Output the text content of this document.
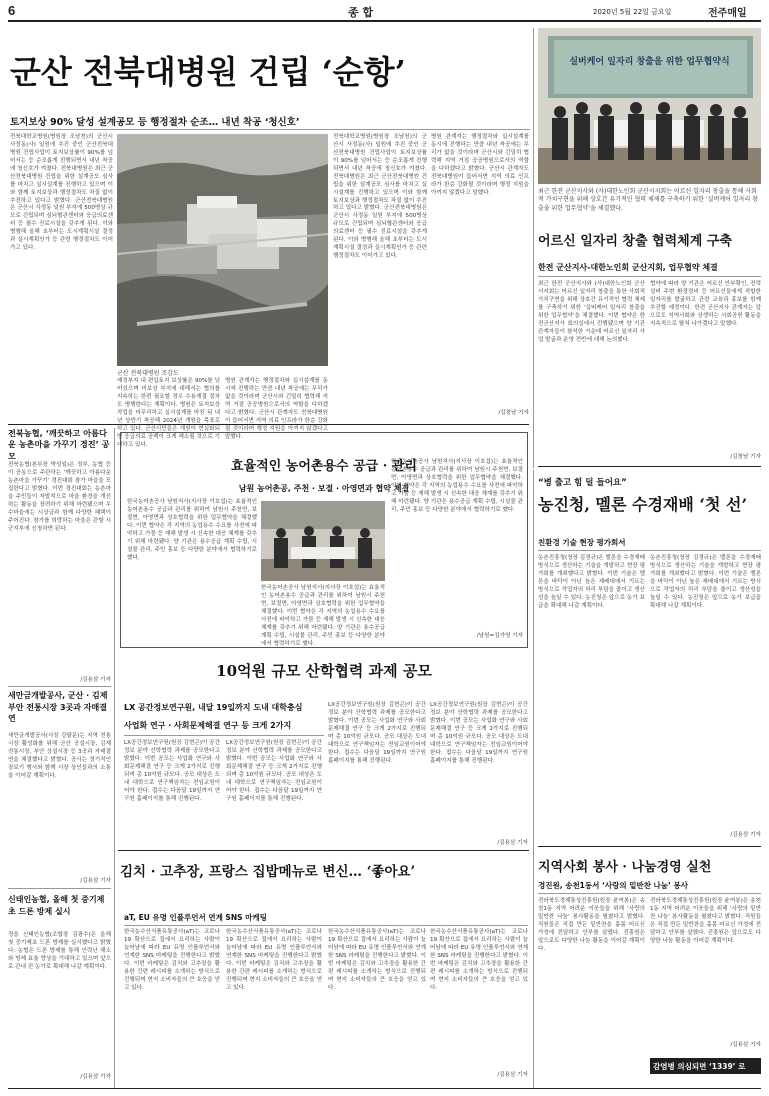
6	종 합	2020년 5월 22일 금요일	전주매일
군산 전북대병원 건립 ‘순항’
토지보상 90% 달성 설계공모 등 행정절차 순조… 내년 착공 ‘청신호’
전북대학교병원(병원장 조남천)의 군산시 사정동(사) 일원에 추진 중인 군산전북대병원 건립사업이 토지보상률이 90%를 넘어서는 등 순조롭게 진행되면서 내년 착공에 청신호가 켜졌다. 전북대병원은 최근 군산전북대병원 건립을 위한 설계공모 심사를 마치고 실시설계를 진행하고 있으며 이와 함께 토지보상과 행정절차도 차질 없이 추진하고 있다고 밝혔다. 군산전북대병원은 군산시 사정동 일원 부지에 500병상 규모로 건립되며 심뇌혈관센터와 응급의료센터 등 필수 진료시설을 갖추게 된다. 이와 병행해 올해 초부터는 도시계획시설 결정과 실시계획인가 등 관련 행정절차도 이어가고 있다.
군산 전북대병원 조감도
예정부지 내 편입토지 보상률은 90%를 넘어섰으며 미보상 부지에 대해서는 협의를 지속하는 한편 필요할 경우 수용재결 절차도 병행한다는 계획이다. 병원은 토지보상 작업을 마무리하고 실시설계를 마친 뒤 내년 상반기 착공해 2024년 개원을 목표로 하고 있다. 군산시민들은 개원이 현실화되면 응급의료 공백이 크게 해소될 것으로 기대하고 있다.
병원 관계자는 행정절차와 실시설계를 동시에 진행하는 만큼 내년 착공에는 무리가 없을 것이라며 군산시와 긴밀히 협력해 지역 거점 공공병원으로서의 역할을 다하겠다고 밝혔다. 군산시 관계자도 전북대병원이 들어서면 지역 의료 인프라가 한층 강화될 것이라며 행정 지원을 아끼지 않겠다고 말했다.
전북대학교병원(병원장 조남천)의 군산시 사정동(사) 일원에 추진 중인 군산전북대병원 건립사업이 토지보상률이 90%를 넘어서는 등 순조롭게 진행되면서 내년 착공에 청신호가 켜졌다. 전북대병원은 최근 군산전북대병원 건립을 위한 설계공모 심사를 마치고 실시설계를 진행하고 있으며 이와 함께 토지보상과 행정절차도 차질 없이 추진하고 있다고 밝혔다. 군산전북대병원은 군산시 사정동 일원 부지에 500병상 규모로 건립되며 심뇌혈관센터와 응급의료센터 등 필수 진료시설을 갖추게 된다. 이와 병행해 올해 초부터는 도시계획시설 결정과 실시계획인가 등 관련 행정절차도 이어가고 있다.
병원 관계자는 행정절차와 실시설계를 동시에 진행하는 만큼 내년 착공에는 무리가 없을 것이라며 군산시와 긴밀히 협력해 지역 거점 공공병원으로서의 역할을 다하겠다고 밝혔다. 군산시 관계자도 전북대병원이 들어서면 지역 의료 인프라가 한층 강화될 것이라며 행정 지원을 아끼지 않겠다고 말했다.
/김창남 기자
실버케어 일자리 창출을 위한 업무협약식
최근 한전 군산지사와 (사)대한노인회 군산시지회는 어르신 일자리 창출을 통해 사회적 가치구현을 위해 상호간 유기적인 협력 체제를 구축하기 위한 ‘실버케어 일자리 창출을 위한 업무협약’을 체결했다.
어르신 일자리 창출 협력체계 구축
한전 군산지사-대한노인회 군산지회, 업무협약 체결
최근 한전 군산지사와 (사)대한노인회 군산시지회는 어르신 일자리 창출을 통한 사회적 가치구현을 위해 상호간 유기적인 협력 체제를 구축하기 위한 ‘실버케어 일자리 창출을 위한 업무협약’을 체결했다. 이번 협약은 한전군산지사 회의실에서 진행됐으며 양 기관 관계자들이 참석한 가운데 어르신 일자리 사업 발굴과 운영 전반에 대해 논의했다.
협약에 따라 양 기관은 어르신 안부확인, 전력설비 주변 환경정비 등 어르신들에게 적합한 일자리를 발굴하고 관련 교육과 홍보를 함께 추진할 예정이다. 한전 군산지사 관계자는 앞으로도 지역사회와 상생하는 사회공헌 활동을 지속적으로 펼쳐 나가겠다고 말했다.
/김창남 기자
전북농협, ‘깨끗하고 아름다운 농촌마을 가꾸기 경진’ 공모
전북농협(본부장 박성일)은 정부, 농협 등이 공동으로 주관하는 ‘깨끗하고 아름다운 농촌마을 가꾸기’ 경진대회 참가 마을을 모집한다고 밝혔다. 이번 경진대회는 농촌마을 주민들이 자발적으로 마을 환경을 개선하는 활동을 장려하기 위해 마련됐으며 우수마을에는 시상금과 함께 다양한 혜택이 주어진다. 참가를 희망하는 마을은 관할 시군지부에 신청하면 된다.
/김용삼 기자
새만금개발공사, 군산 · 김제 부안 전통시장 3곳과 자매결연
새만금개발공사(사장 강팔문)는 지역 전통시장 활성화를 위해 군산 공설시장, 김제 전통시장, 부안 상설시장 등 3곳과 자매결연을 체결했다고 밝혔다. 공사는 정기적인 장보기 행사와 함께 시장 상인들과의 소통을 이어갈 계획이다.
/김용삼 기자
신태인농협, 올해 첫 중기제초 드론 방제 실시
정읍 신태인농협(조합장 김광수)은 올해 첫 중기제초 드론 방제를 실시했다고 밝혔다. 농협은 드론 방제를 통해 인력난 해소와 방제 효율 향상을 기대하고 있으며 앞으로 관내 전 농가로 확대해 나갈 계획이다.
/김용삼 기자
효율적인 농어촌용수 공급 · 관리
남원 농어촌공, 주천 · 보절 · 아영면과 협약 체결
한국농어촌공사 남원지사(지사장 이호섭)는 효율적인 농어촌용수 공급과 관리를 위하여 남원시 주천면, 보절면, 아영면과 상호협력을 위한 업무협약을 체결했다. 이번 협약은 각 지역의 농업용수 수요를 사전에 파악하고 가뭄 등 재해 발생 시 신속한 대응 체계를 갖추기 위해 마련됐다. 양 기관은 용수공급 계획 수립, 시설물 관리, 주민 홍보 등 다양한 분야에서 협력하기로 했다.
한국농어촌공사 남원지사(지사장 이호섭)는 효율적인 농어촌용수 공급과 관리를 위하여 남원시 주천면, 보절면, 아영면과 상호협력을 위한 업무협약을 체결했다. 이번 협약은 각 지역의 농업용수 수요를 사전에 파악하고 가뭄 등 재해 발생 시 신속한 대응 체계를 갖추기 위해 마련됐다. 양 기관은 용수공급 계획 수립, 시설물 관리, 주민 홍보 등 다양한 분야에서 협력하기로 했다.
한국농어촌공사 남원지사(지사장 이호섭)는 효율적인 농어촌용수 공급과 관리를 위하여 남원시 주천면, 보절면, 아영면과 상호협력을 위한 업무협약을 체결했다. 이번 협약은 각 지역의 농업용수 수요를 사전에 파악하고 가뭄 등 재해 발생 시 신속한 대응 체계를 갖추기 위해 마련됐다. 양 기관은 용수공급 계획 수립, 시설물 관리, 주민 홍보 등 다양한 분야에서 협력하기로 했다.
/남원=김가영 기자
10억원 규모 산학협력 과제 공모
LX 공간정보연구원, 내달 19일까지 도내 대학충심
사업화 연구 · 사회문제해결 연구 등 크게 2가지
LX공간정보연구원(원장 김현곤)이 공간정보 분야 산학협력 과제를 공모한다고 밝혔다. 이번 공모는 사업화 연구와 사회문제해결 연구 등 크게 2가지로 진행되며 총 10억원 규모다. 공모 대상은 도내 대학으로 연구책임자는 전임교원이어야 한다. 접수는 다음달 19일까지 연구원 홈페이지를 통해 진행된다.
LX공간정보연구원(원장 김현곤)이 공간정보 분야 산학협력 과제를 공모한다고 밝혔다. 이번 공모는 사업화 연구와 사회문제해결 연구 등 크게 2가지로 진행되며 총 10억원 규모다. 공모 대상은 도내 대학으로 연구책임자는 전임교원이어야 한다. 접수는 다음달 19일까지 연구원 홈페이지를 통해 진행된다.
LX공간정보연구원(원장 김현곤)이 공간정보 분야 산학협력 과제를 공모한다고 밝혔다. 이번 공모는 사업화 연구와 사회문제해결 연구 등 크게 2가지로 진행되며 총 10억원 규모다. 공모 대상은 도내 대학으로 연구책임자는 전임교원이어야 한다. 접수는 다음달 19일까지 연구원 홈페이지를 통해 진행된다.
LX공간정보연구원(원장 김현곤)이 공간정보 분야 산학협력 과제를 공모한다고 밝혔다. 이번 공모는 사업화 연구와 사회문제해결 연구 등 크게 2가지로 진행되며 총 10억원 규모다. 공모 대상은 도내 대학으로 연구책임자는 전임교원이어야 한다. 접수는 다음달 19일까지 연구원 홈페이지를 통해 진행된다.
/김용삼 기자
“병 출고 힘 덜 들어요”
농진청, 멜론 수경재배 ‘첫 선’
친환경 기술 현장 평가회서
농촌진흥청(청장 김경규)은 멜론을 수경재배 방식으로 생산하는 기술을 개발하고 현장 평가회를 개최했다고 밝혔다. 이번 기술은 멜론을 바닥이 아닌 높은 재배대에서 기르는 방식으로 작업자의 허리 부담을 줄이고 생산성을 높일 수 있다. 농진청은 앞으로 농가 보급을 확대해 나갈 계획이다.
농촌진흥청(청장 김경규)은 멜론을 수경재배 방식으로 생산하는 기술을 개발하고 현장 평가회를 개최했다고 밝혔다. 이번 기술은 멜론을 바닥이 아닌 높은 재배대에서 기르는 방식으로 작업자의 허리 부담을 줄이고 생산성을 높일 수 있다. 농진청은 앞으로 농가 보급을 확대해 나갈 계획이다.
/김용삼 기자
지역사회 봉사 · 나눔경영 실천
경진원, 송천1동서 ‘사랑의 밑반찬 나눔’ 봉사
전라북도경제통상진흥원(원장 윤여봉)은 송천1동 지역 어려운 이웃들을 위해 ‘사랑의 밑반찬 나눔’ 봉사활동을 펼쳤다고 밝혔다. 직원들은 직접 만든 밑반찬을 홀몸 어르신 가정에 전달하고 안부를 살폈다. 진흥원은 앞으로도 다양한 나눔 활동을 이어갈 계획이다.
전라북도경제통상진흥원(원장 윤여봉)은 송천1동 지역 어려운 이웃들을 위해 ‘사랑의 밑반찬 나눔’ 봉사활동을 펼쳤다고 밝혔다. 직원들은 직접 만든 밑반찬을 홀몸 어르신 가정에 전달하고 안부를 살폈다. 진흥원은 앞으로도 다양한 나눔 활동을 이어갈 계획이다.
/김용삼 기자
김치 · 고추장, 프랑스 집밥메뉴로 변신… ‘좋아요’
aT, EU 유명 인플루언서 연계 SNS 마케팅
한국농수산식품유통공사(aT)는 코로나19 확산으로 집에서 요리하는 사람이 늘어남에 따라 EU 유명 인플루언서와 연계한 SNS 마케팅을 진행한다고 밝혔다. 이번 마케팅은 김치와 고추장을 활용한 간편 레시피를 소개하는 방식으로 진행되며 현지 소비자들의 큰 호응을 얻고 있다.
한국농수산식품유통공사(aT)는 코로나19 확산으로 집에서 요리하는 사람이 늘어남에 따라 EU 유명 인플루언서와 연계한 SNS 마케팅을 진행한다고 밝혔다. 이번 마케팅은 김치와 고추장을 활용한 간편 레시피를 소개하는 방식으로 진행되며 현지 소비자들의 큰 호응을 얻고 있다.
한국농수산식품유통공사(aT)는 코로나19 확산으로 집에서 요리하는 사람이 늘어남에 따라 EU 유명 인플루언서와 연계한 SNS 마케팅을 진행한다고 밝혔다. 이번 마케팅은 김치와 고추장을 활용한 간편 레시피를 소개하는 방식으로 진행되며 현지 소비자들의 큰 호응을 얻고 있다.
한국농수산식품유통공사(aT)는 코로나19 확산으로 집에서 요리하는 사람이 늘어남에 따라 EU 유명 인플루언서와 연계한 SNS 마케팅을 진행한다고 밝혔다. 이번 마케팅은 김치와 고추장을 활용한 간편 레시피를 소개하는 방식으로 진행되며 현지 소비자들의 큰 호응을 얻고 있다.
/김용삼 기자
감염병 의심되면 ‘1339’ 로
